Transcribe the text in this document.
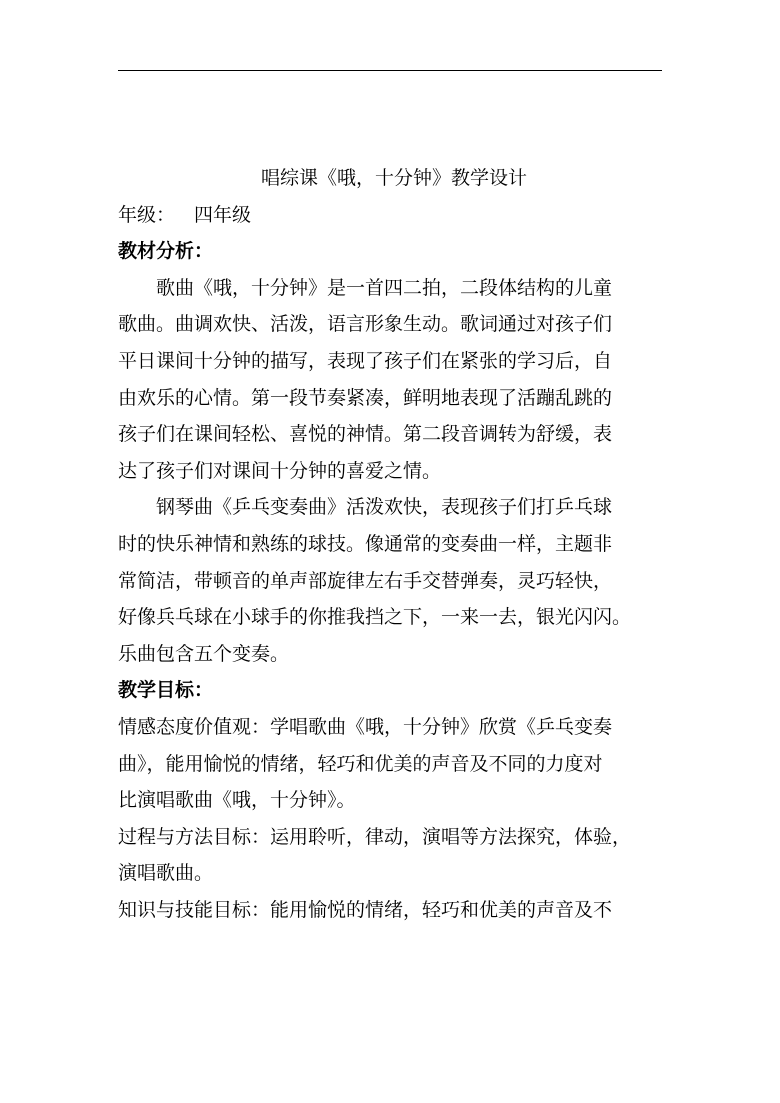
唱综课《哦，十分钟》教学设计
年级： 四年级
教材分析：
歌曲《哦，十分钟》是一首四二拍，二段体结构的儿童
歌曲。曲调欢快、活泼，语言形象生动。歌词通过对孩子们
平日课间十分钟的描写，表现了孩子们在紧张的学习后，自
由欢乐的心情。第一段节奏紧凑，鲜明地表现了活蹦乱跳的
孩子们在课间轻松、喜悦的神情。第二段音调转为舒缓，表
达了孩子们对课间十分钟的喜爱之情。
钢琴曲《乒乓变奏曲》活泼欢快，表现孩子们打乒乓球
时的快乐神情和熟练的球技。像通常的变奏曲一样，主题非
常简洁，带顿音的单声部旋律左右手交替弹奏，灵巧轻快，
好像兵乓球在小球手的你推我挡之下，一来一去，银光闪闪。
乐曲包含五个变奏。
教学目标：
情感态度价值观：学唱歌曲《哦，十分钟》欣赏《乒乓变奏
曲》，能用愉悦的情绪，轻巧和优美的声音及不同的力度对
比演唱歌曲《哦，十分钟》。
过程与方法目标：运用聆听，律动，演唱等方法探究，体验，
演唱歌曲。
知识与技能目标：能用愉悦的情绪，轻巧和优美的声音及不
